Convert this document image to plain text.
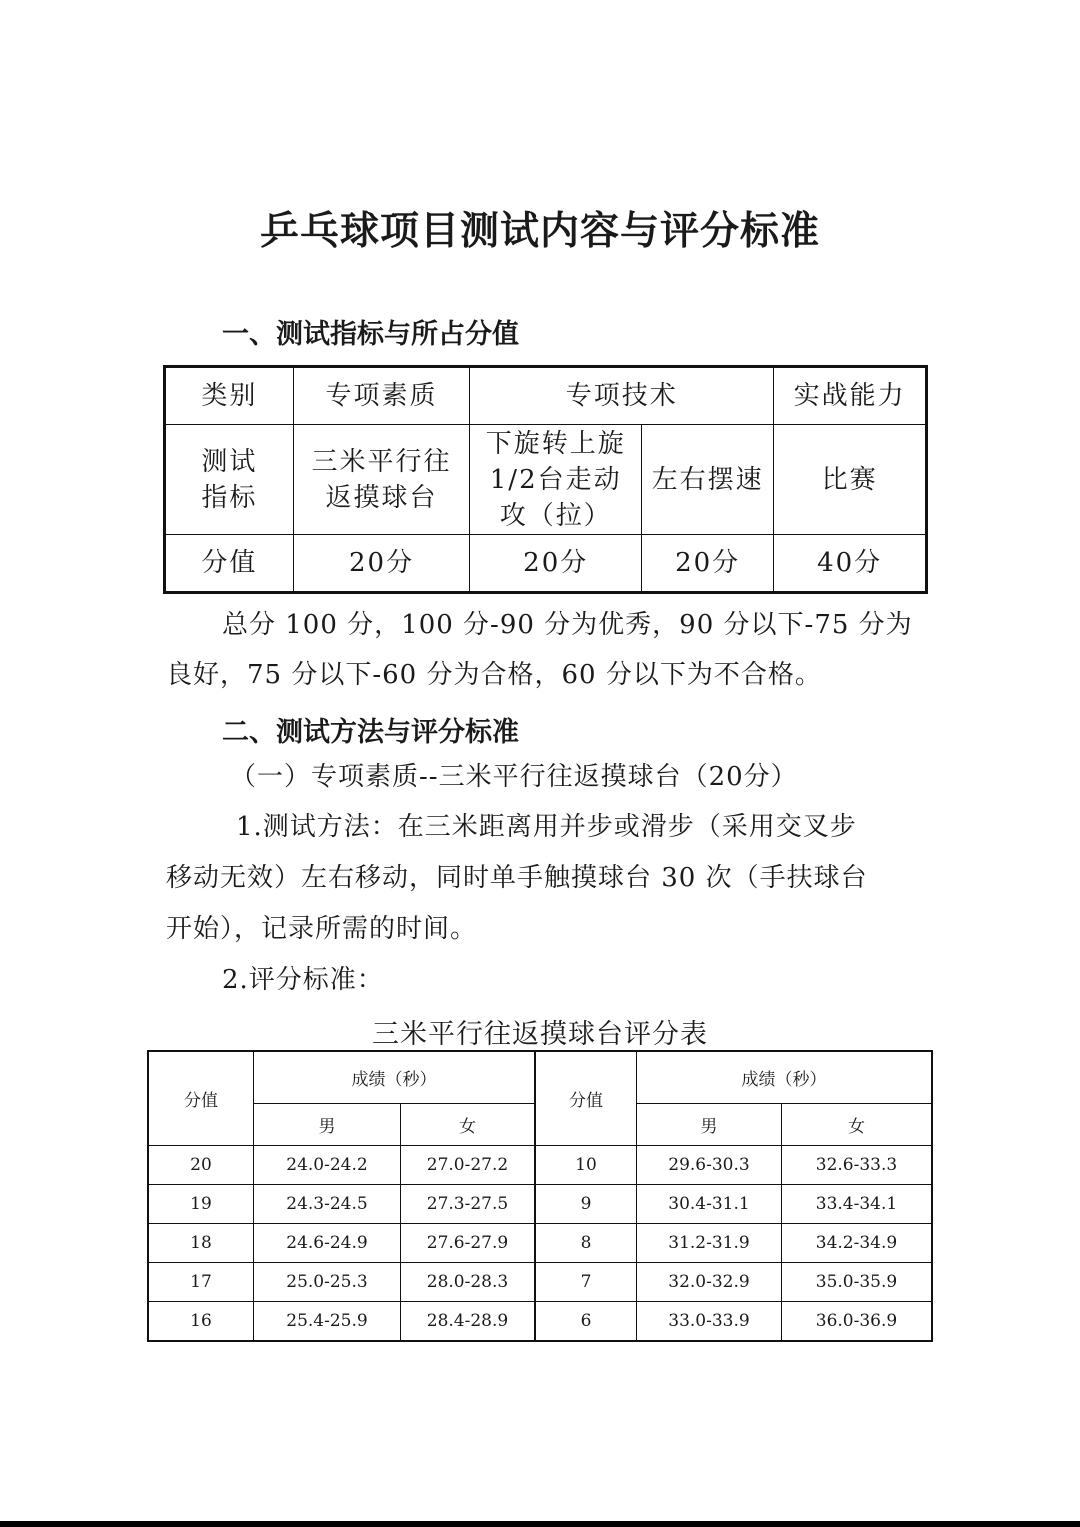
乒乓球项目测试内容与评分标准
一、测试指标与所占分值
类别	专项素质	专项技术		实战能力

测试指标	三米平行往返摸球台	下旋转上旋1/2台走动攻（拉）	左右摆速	比赛
分值	20分	20分	20分	40分

总分 100 分，100 分-90 分为优秀，90 分以下-75 分为

良好，75 分以下-60 分为合格，60 分以下为不合格。

二、测试方法与评分标准

（一）专项素质--三米平行往返摸球台（20分）

1.测试方法：在三米距离用并步或滑步（采用交叉步

移动无效）左右移动，同时单手触摸球台 30 次（手扶球台

开始），记录所需的时间。

2.评分标准：

三米平行往返摸球台评分表
分值	成绩（秒）		分值	成绩（秒）	
	男	女		男	女
20	24.0-24.2	27.0-27.2	10	29.6-30.3	32.6-33.3
19	24.3-24.5	27.3-27.5	9	30.4-31.1	33.4-34.1
18	24.6-24.9	27.6-27.9	8	31.2-31.9	34.2-34.9
17	25.0-25.3	28.0-28.3	7	32.0-32.9	35.0-35.9
16	25.4-25.9	28.4-28.9	6	33.0-33.9	36.0-36.9
